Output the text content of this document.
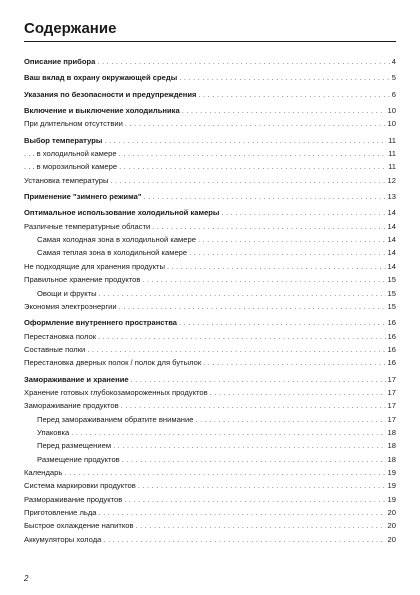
Содержание
Описание прибора . . .	4
Ваш вклад в охрану окружающей среды . . .	5
Указания по безопасности и предупреждения . . .	6
Включение и выключение холодильника . . .	10
При длительном отсутствии . . .	10
Выбор температуры . . .	11
. . . в холодильной камере . . .	11
. . . в морозильной камере . . .	11
Установка температуры . . .	12
Применение "зимнего режима" . . .	13
Оптимальное использование холодильной камеры . . .	14
Различные температурные области . . .	14
Самая холодная зона в холодильной камере . . .	14
Самая теплая зона в холодильной камере . . .	14
Не подходящие для хранения продукты . . .	14
Правильное хранение продуктов . . .	15
Овощи и фрукты . . .	15
Экономия электроэнергии . . .	15
Оформление внутреннего пространства . . .	16
Перестановка полок . . .	16
Составные полки . . .	16
Перестановка дверных полок / полок для бутылок . . .	16
Замораживание и хранение . . .	17
Хранение готовых глубокозамороженных продуктов . . .	17
Замораживание продуктов . . .	17
Перед замораживанием обратите внимание . . .	17
Упаковка . . .	18
Перед размещением . . .	18
Размещение продуктов . . .	18
Календарь . . .	19
Система маркировки продуктов . . .	19
Размораживание продуктов . . .	19
Приготовление льда . . .	20
Быстрое охлаждение напитков . . .	20
Аккумуляторы холода . . .	20
2
